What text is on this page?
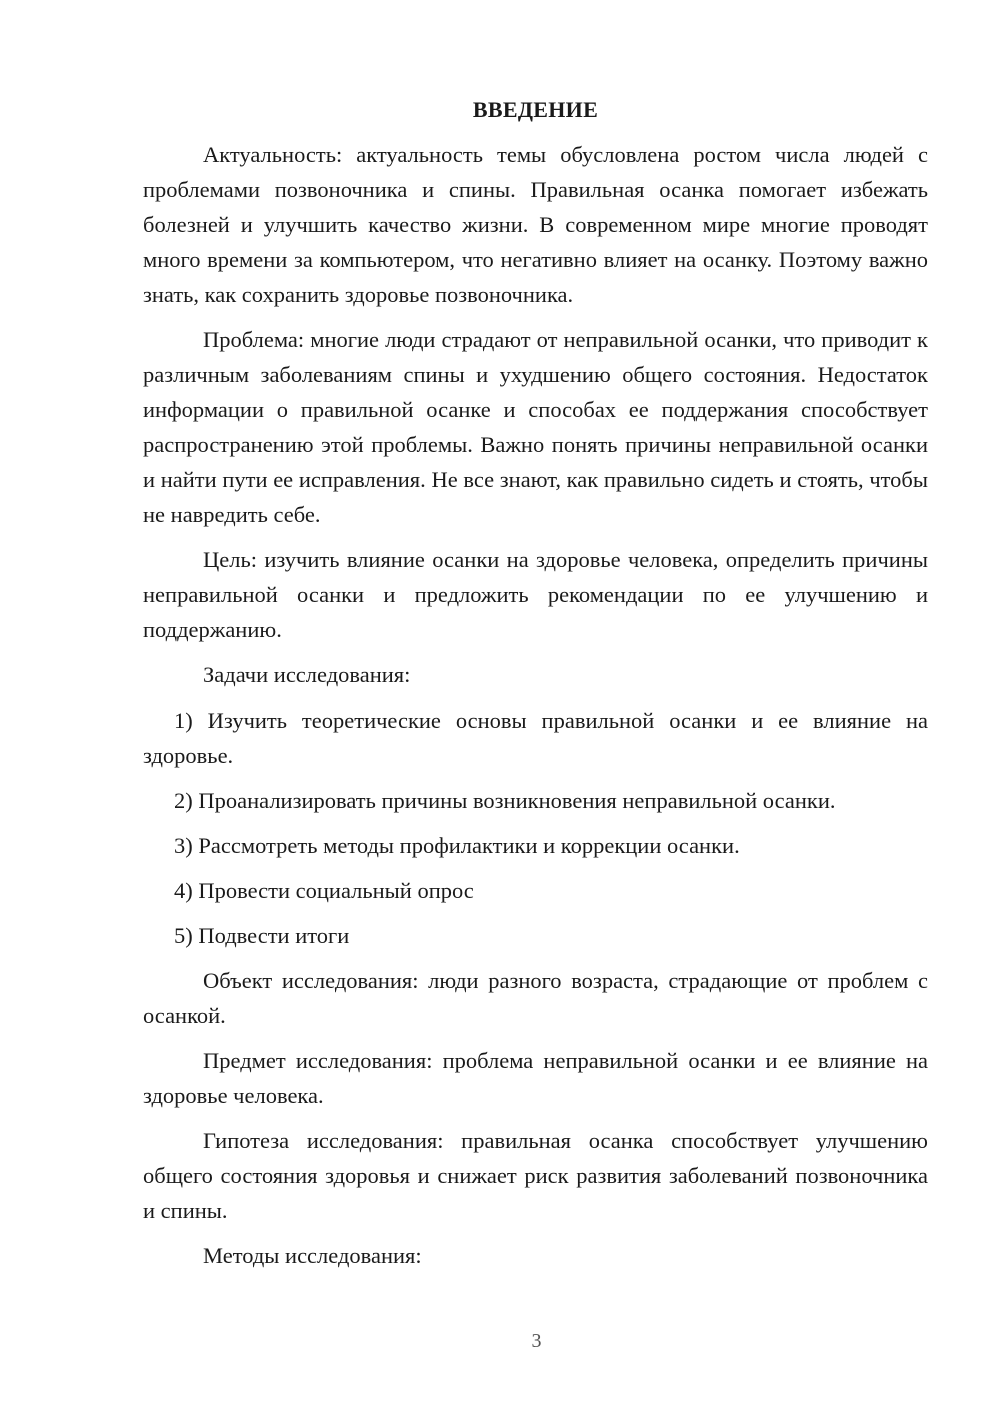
ВВЕДЕНИЕ

Актуальность: актуальность темы обусловлена ростом числа людей с проблемами позвоночника и спины. Правильная осанка помогает избежать болезней и улучшить качество жизни. В современном мире многие проводят много времени за компьютером, что негативно влияет на осанку. Поэтому важно знать, как сохранить здоровье позвоночника.

Проблема: многие люди страдают от неправильной осанки, что приводит к различным заболеваниям спины и ухудшению общего состояния. Недостаток информации о правильной осанке и способах ее поддержания способствует распространению этой проблемы. Важно понять причины неправильной осанки и найти пути ее исправления. Не все знают, как правильно сидеть и стоять, чтобы не навредить себе.

Цель: изучить влияние осанки на здоровье человека, определить причины неправильной осанки и предложить рекомендации по ее улучшению и поддержанию.

Задачи исследования:

1) Изучить теоретические основы правильной осанки и ее влияние на здоровье.

2) Проанализировать причины возникновения неправильной осанки.

3) Рассмотреть методы профилактики и коррекции осанки.

4) Провести социальный опрос

5) Подвести итоги

Объект исследования: люди разного возраста, страдающие от проблем с осанкой.

Предмет исследования: проблема неправильной осанки и ее влияние на здоровье человека.

Гипотеза исследования: правильная осанка способствует улучшению общего состояния здоровья и снижает риск развития заболеваний позвоночника и спины.

Методы исследования:

3
